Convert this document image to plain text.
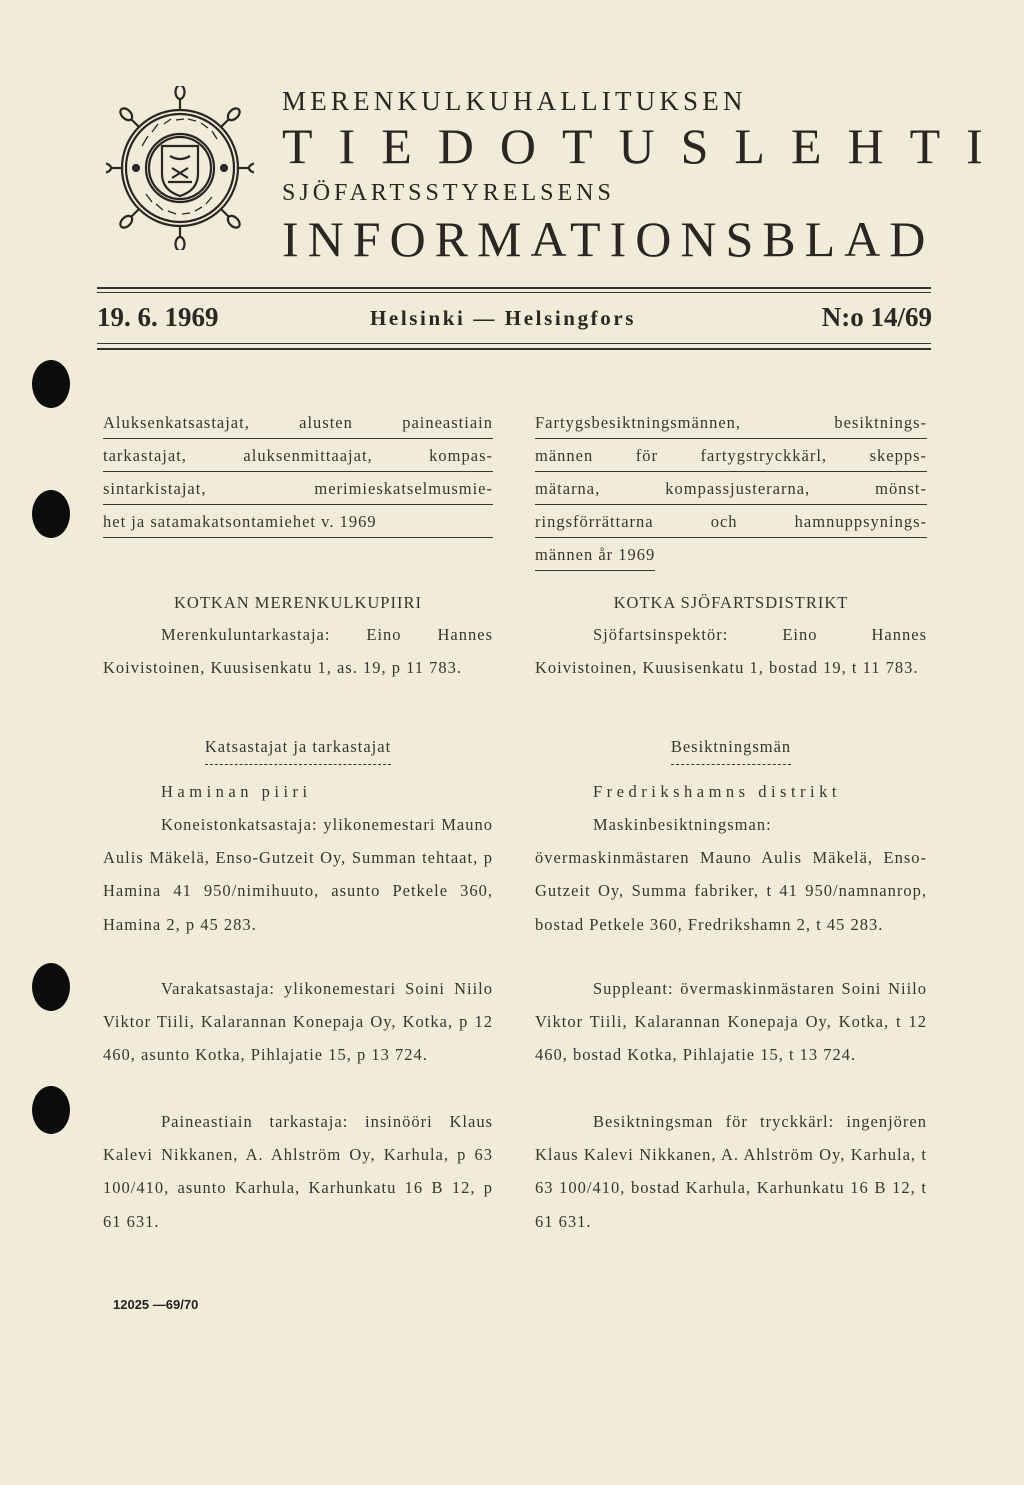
MERENKULKUHALLITUKSEN
TIEDOTUSLEHTI
SJÖFARTSSTYRELSENS
INFORMATIONSBLAD
19. 6. 1969	Helsinki — Helsingfors	N:o 14/69
Aluksenkatsastajat, alusten paineastiain
tarkastajat, aluksenmittaajat, kompas-
sintarkistajat, merimieskatselmusmie-
het ja satamakatsontamiehet v. 1969
KOTKAN MERENKULKUPIIRI
Merenkuluntarkastaja: Eino Hannes Koivistoinen, Kuusisenkatu 1, as. 19, p 11 783.
Katsastajat ja tarkastajat
Haminan piiri
Koneistonkatsastaja: ylikonemestari Mauno Aulis Mäkelä, Enso-Gutzeit Oy, Summan tehtaat, p Hamina 41 950/nimihuuto, asunto Petkele 360, Hamina 2, p 45 283.
Varakatsastaja: ylikonemestari Soini Niilo Viktor Tiili, Kalarannan Konepaja Oy, Kotka, p 12 460, asunto Kotka, Pihlajatie 15, p 13 724.
Paineastiain tarkastaja: insinööri Klaus Kalevi Nikkanen, A. Ahlström Oy, Karhula, p 63 100/410, asunto Karhula, Karhunkatu 16 B 12, p 61 631.
Fartygsbesiktningsmännen, besiktnings-
männen för fartygstryckkärl, skepps-
mätarna, kompassjusterarna, mönst-
ringsförrättarna och hamnuppsynings-
männen år 1969
KOTKA SJÖFARTSDISTRIKT
Sjöfartsinspektör: Eino Hannes Koivistoinen, Kuusisenkatu 1, bostad 19, t 11 783.
Besiktningsmän
Fredrikshamns distrikt
Maskinbesiktningsman: övermaskinmästaren Mauno Aulis Mäkelä, Enso-Gutzeit Oy, Summa fabriker, t 41 950/namnanrop, bostad Petkele 360, Fredrikshamn 2, t 45 283.
Suppleant: övermaskinmästaren Soini Niilo Viktor Tiili, Kalarannan Konepaja Oy, Kotka, t 12 460, bostad Kotka, Pihlajatie 15, t 13 724.
Besiktningsman för tryckkärl: ingenjören Klaus Kalevi Nikkanen, A. Ahlström Oy, Karhula, t 63 100/410, bostad Karhula, Karhunkatu 16 B 12, t 61 631.
12025 —69/70
